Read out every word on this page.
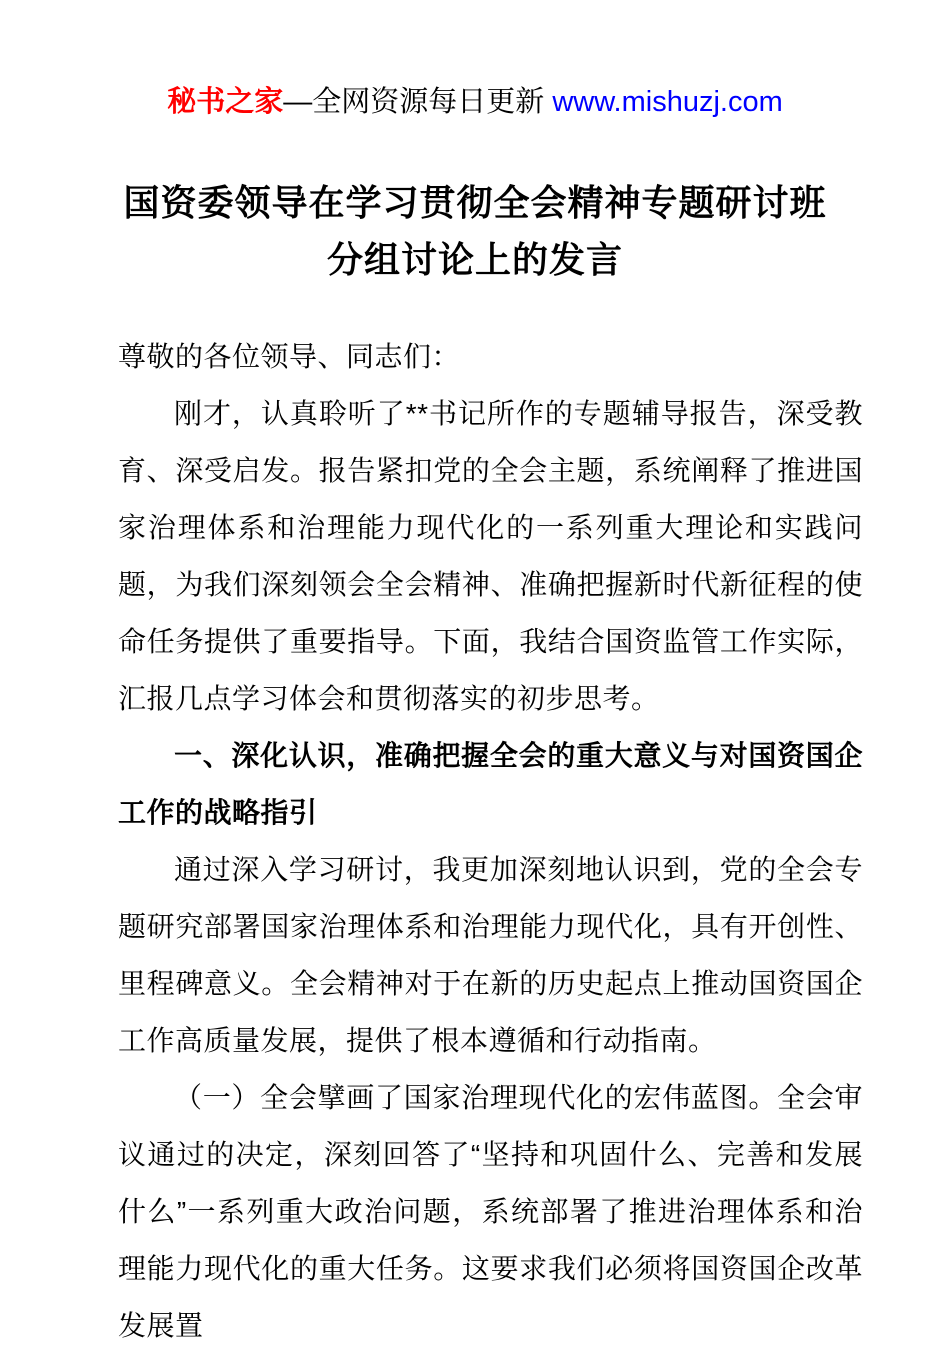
秘书之家—全网资源每日更新 www.mishuzj.com
国资委领导在学习贯彻全会精神专题研讨班
分组讨论上的发言

尊敬的各位领导、同志们：

刚才，认真聆听了**书记所作的专题辅导报告，深受教育、深受启发。报告紧扣党的全会主题，系统阐释了推进国家治理体系和治理能力现代化的一系列重大理论和实践问题，为我们深刻领会全会精神、准确把握新时代新征程的使命任务提供了重要指导。下面，我结合国资监管工作实际，汇报几点学习体会和贯彻落实的初步思考。

一、深化认识，准确把握全会的重大意义与对国资国企工作的战略指引

通过深入学习研讨，我更加深刻地认识到，党的全会专题研究部署国家治理体系和治理能力现代化，具有开创性、里程碑意义。全会精神对于在新的历史起点上推动国资国企工作高质量发展，提供了根本遵循和行动指南。

（一）全会擘画了国家治理现代化的宏伟蓝图。全会审议通过的决定，深刻回答了“坚持和巩固什么、完善和发展什么”一系列重大政治问题，系统部署了推进治理体系和治理能力现代化的重大任务。这要求我们必须将国资国企改革发展置
